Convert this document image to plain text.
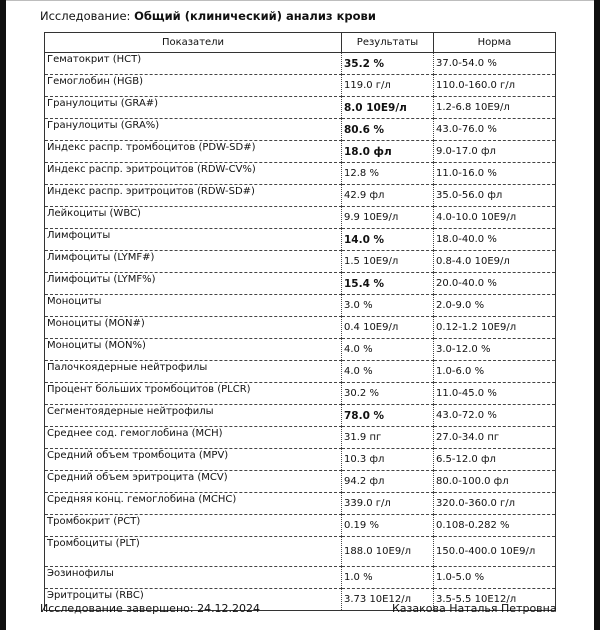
Исследование: Общий (клинический) анализ крови
Показатели	Результаты	Норма
Гематокрит (HCT)	35.2 %	37.0-54.0 %
Гемоглобин (HGB)	119.0 г/л	110.0-160.0 г/л
Гранулоциты (GRA#)	8.0 10E9/л	1.2-6.8 10E9/л
Гранулоциты (GRA%)	80.6 %	43.0-76.0 %
Индекс распр. тромбоцитов (PDW-SD#)	18.0 фл	9.0-17.0 фл
Индекс распр. эритроцитов (RDW-CV%)	12.8 %	11.0-16.0 %
Индекс распр. эритроцитов (RDW-SD#)	42.9 фл	35.0-56.0 фл
Лейкоциты (WBC)	9.9 10E9/л	4.0-10.0 10E9/л
Лимфоциты	14.0 %	18.0-40.0 %
Лимфоциты (LYMF#)	1.5 10E9/л	0.8-4.0 10E9/л
Лимфоциты (LYMF%)	15.4 %	20.0-40.0 %
Моноциты	3.0 %	2.0-9.0 %
Моноциты (MON#)	0.4 10E9/л	0.12-1.2 10E9/л
Моноциты (MON%)	4.0 %	3.0-12.0 %
Палочкоядерные нейтрофилы	4.0 %	1.0-6.0 %
Процент больших тромбоцитов (PLCR)	30.2 %	11.0-45.0 %
Сегментоядерные нейтрофилы	78.0 %	43.0-72.0 %
Среднее сод. гемоглобина (MCH)	31.9 пг	27.0-34.0 пг
Средний объем тромбоцита (MPV)	10.3 фл	6.5-12.0 фл
Средний объем эритроцита (MCV)	94.2 фл	80.0-100.0 фл
Средняя конц. гемоглобина (MCHC)	339.0 г/л	320.0-360.0 г/л
Тромбокрит (PCT)	0.19 %	0.108-0.282 %
Тромбоциты (PLT)	188.0 10E9/л	150.0-400.0 10E9/л
Эозинофилы	1.0 %	1.0-5.0 %
Эритроциты (RBC)	3.73 10E12/л	3.5-5.5 10E12/л
Исследование завершено: 24.12.2024	Казакова Наталья Петровна
